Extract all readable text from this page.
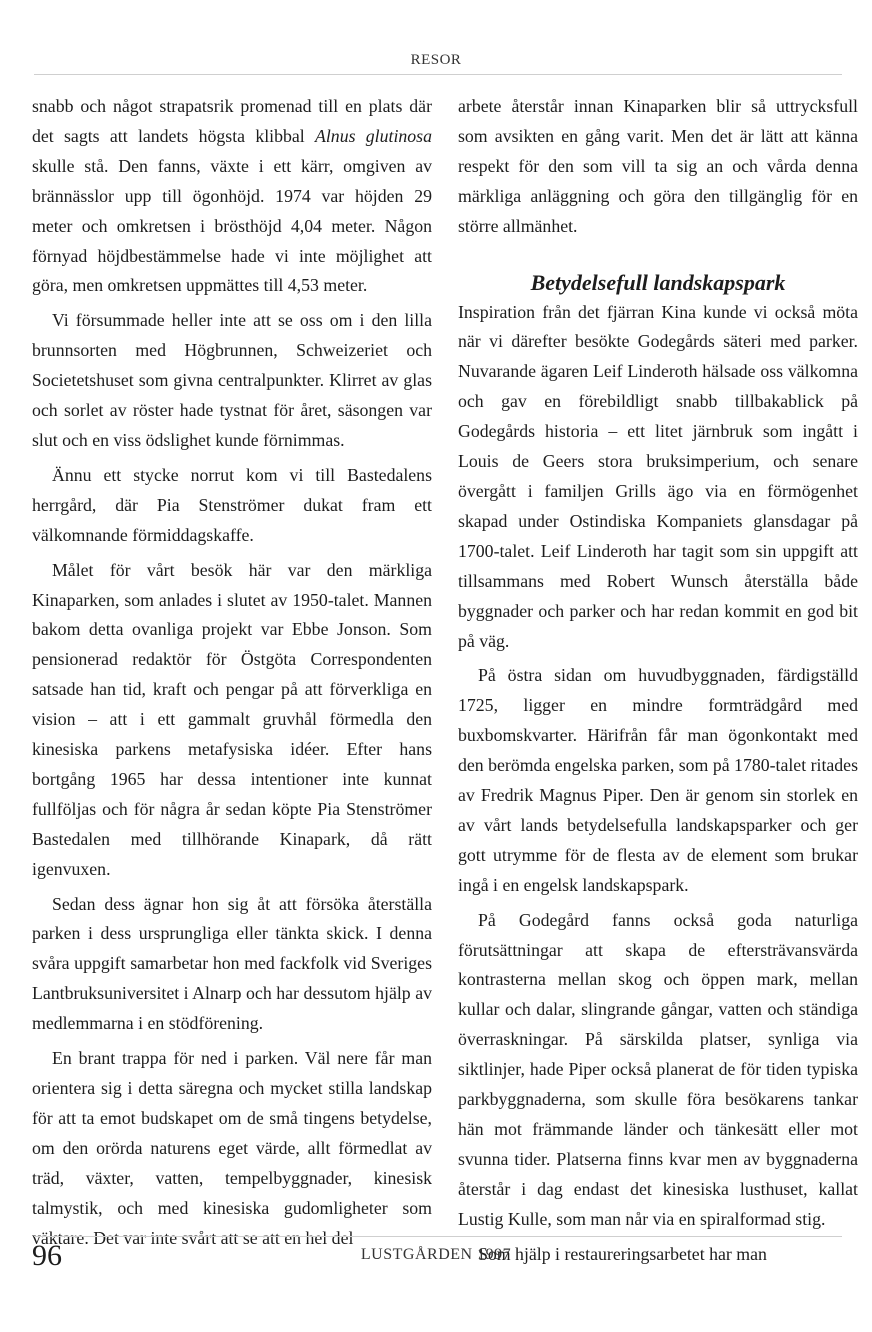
RESOR

snabb och något strapatsrik promenad till en plats där det sagts att landets högsta klibbal Alnus glutinosa skulle stå. Den fanns, växte i ett kärr, omgiven av brännässlor upp till ögonhöjd. 1974 var höjden 29 meter och omkretsen i brösthöjd 4,04 meter. Någon förnyad höjdbestämmelse hade vi inte möjlighet att göra, men omkretsen uppmättes till 4,53 meter.

Vi försummade heller inte att se oss om i den lilla brunnsorten med Högbrunnen, Schweizeriet och Societetshuset som givna centralpunkter. Klirret av glas och sorlet av röster hade tystnat för året, säsongen var slut och en viss ödslighet kunde förnimmas.

Ännu ett stycke norrut kom vi till Bastedalens herrgård, där Pia Stenströmer dukat fram ett välkomnande förmiddagskaffe.

Målet för vårt besök här var den märkliga Kinaparken, som anlades i slutet av 1950-talet. Mannen bakom detta ovanliga projekt var Ebbe Jonson. Som pensionerad redaktör för Östgöta Correspondenten satsade han tid, kraft och pengar på att förverkliga en vision – att i ett gammalt gruvhål förmedla den kinesiska parkens metafysiska idéer. Efter hans bortgång 1965 har dessa intentioner inte kunnat fullföljas och för några år sedan köpte Pia Stenströmer Bastedalen med tillhörande Kinapark, då rätt igenvuxen.

Sedan dess ägnar hon sig åt att försöka återställa parken i dess ursprungliga eller tänkta skick. I denna svåra uppgift samarbetar hon med fackfolk vid Sveriges Lantbruksuniversitet i Alnarp och har dessutom hjälp av medlemmarna i en stödförening.

En brant trappa för ned i parken. Väl nere får man orientera sig i detta säregna och mycket stilla landskap för att ta emot budskapet om de små tingens betydelse, om den orörda naturens eget värde, allt förmedlat av träd, växter, vatten, tempelbyggnader, kinesisk talmystik, och med kinesiska gudomligheter som väktare. Det var inte svårt att se att en hel del

arbete återstår innan Kinaparken blir så uttrycksfull som avsikten en gång varit. Men det är lätt att känna respekt för den som vill ta sig an och vårda denna märkliga anläggning och göra den tillgänglig för en större allmänhet.

Betydelsefull landskapspark

Inspiration från det fjärran Kina kunde vi också möta när vi därefter besökte Godegårds säteri med parker. Nuvarande ägaren Leif Linderoth hälsade oss välkomna och gav en förebildligt snabb tillbakablick på Godegårds historia – ett litet järnbruk som ingått i Louis de Geers stora bruksimperium, och senare övergått i familjen Grills ägo via en förmögenhet skapad under Ostindiska Kompaniets glansdagar på 1700-talet. Leif Linderoth har tagit som sin uppgift att tillsammans med Robert Wunsch återställa både byggnader och parker och har redan kommit en god bit på väg.

På östra sidan om huvudbyggnaden, färdigställd 1725, ligger en mindre formträdgård med buxbomskvarter. Härifrån får man ögonkontakt med den berömda engelska parken, som på 1780-talet ritades av Fredrik Magnus Piper. Den är genom sin storlek en av vårt lands betydelsefulla landskapsparker och ger gott utrymme för de flesta av de element som brukar ingå i en engelsk landskapspark.

På Godegård fanns också goda naturliga förutsättningar att skapa de eftersträvansvärda kontrasterna mellan skog och öppen mark, mellan kullar och dalar, slingrande gångar, vatten och ständiga överraskningar. På särskilda platser, synliga via siktlinjer, hade Piper också planerat de för tiden typiska parkbyggnaderna, som skulle föra besökarens tankar hän mot främmande länder och tänkesätt eller mot svunna tider. Platserna finns kvar men av byggnaderna återstår i dag endast det kinesiska lusthuset, kallat Lustig Kulle, som man når via en spiralformad stig.

Som hjälp i restaureringsarbetet har man

96	LUSTGÅRDEN 1997
